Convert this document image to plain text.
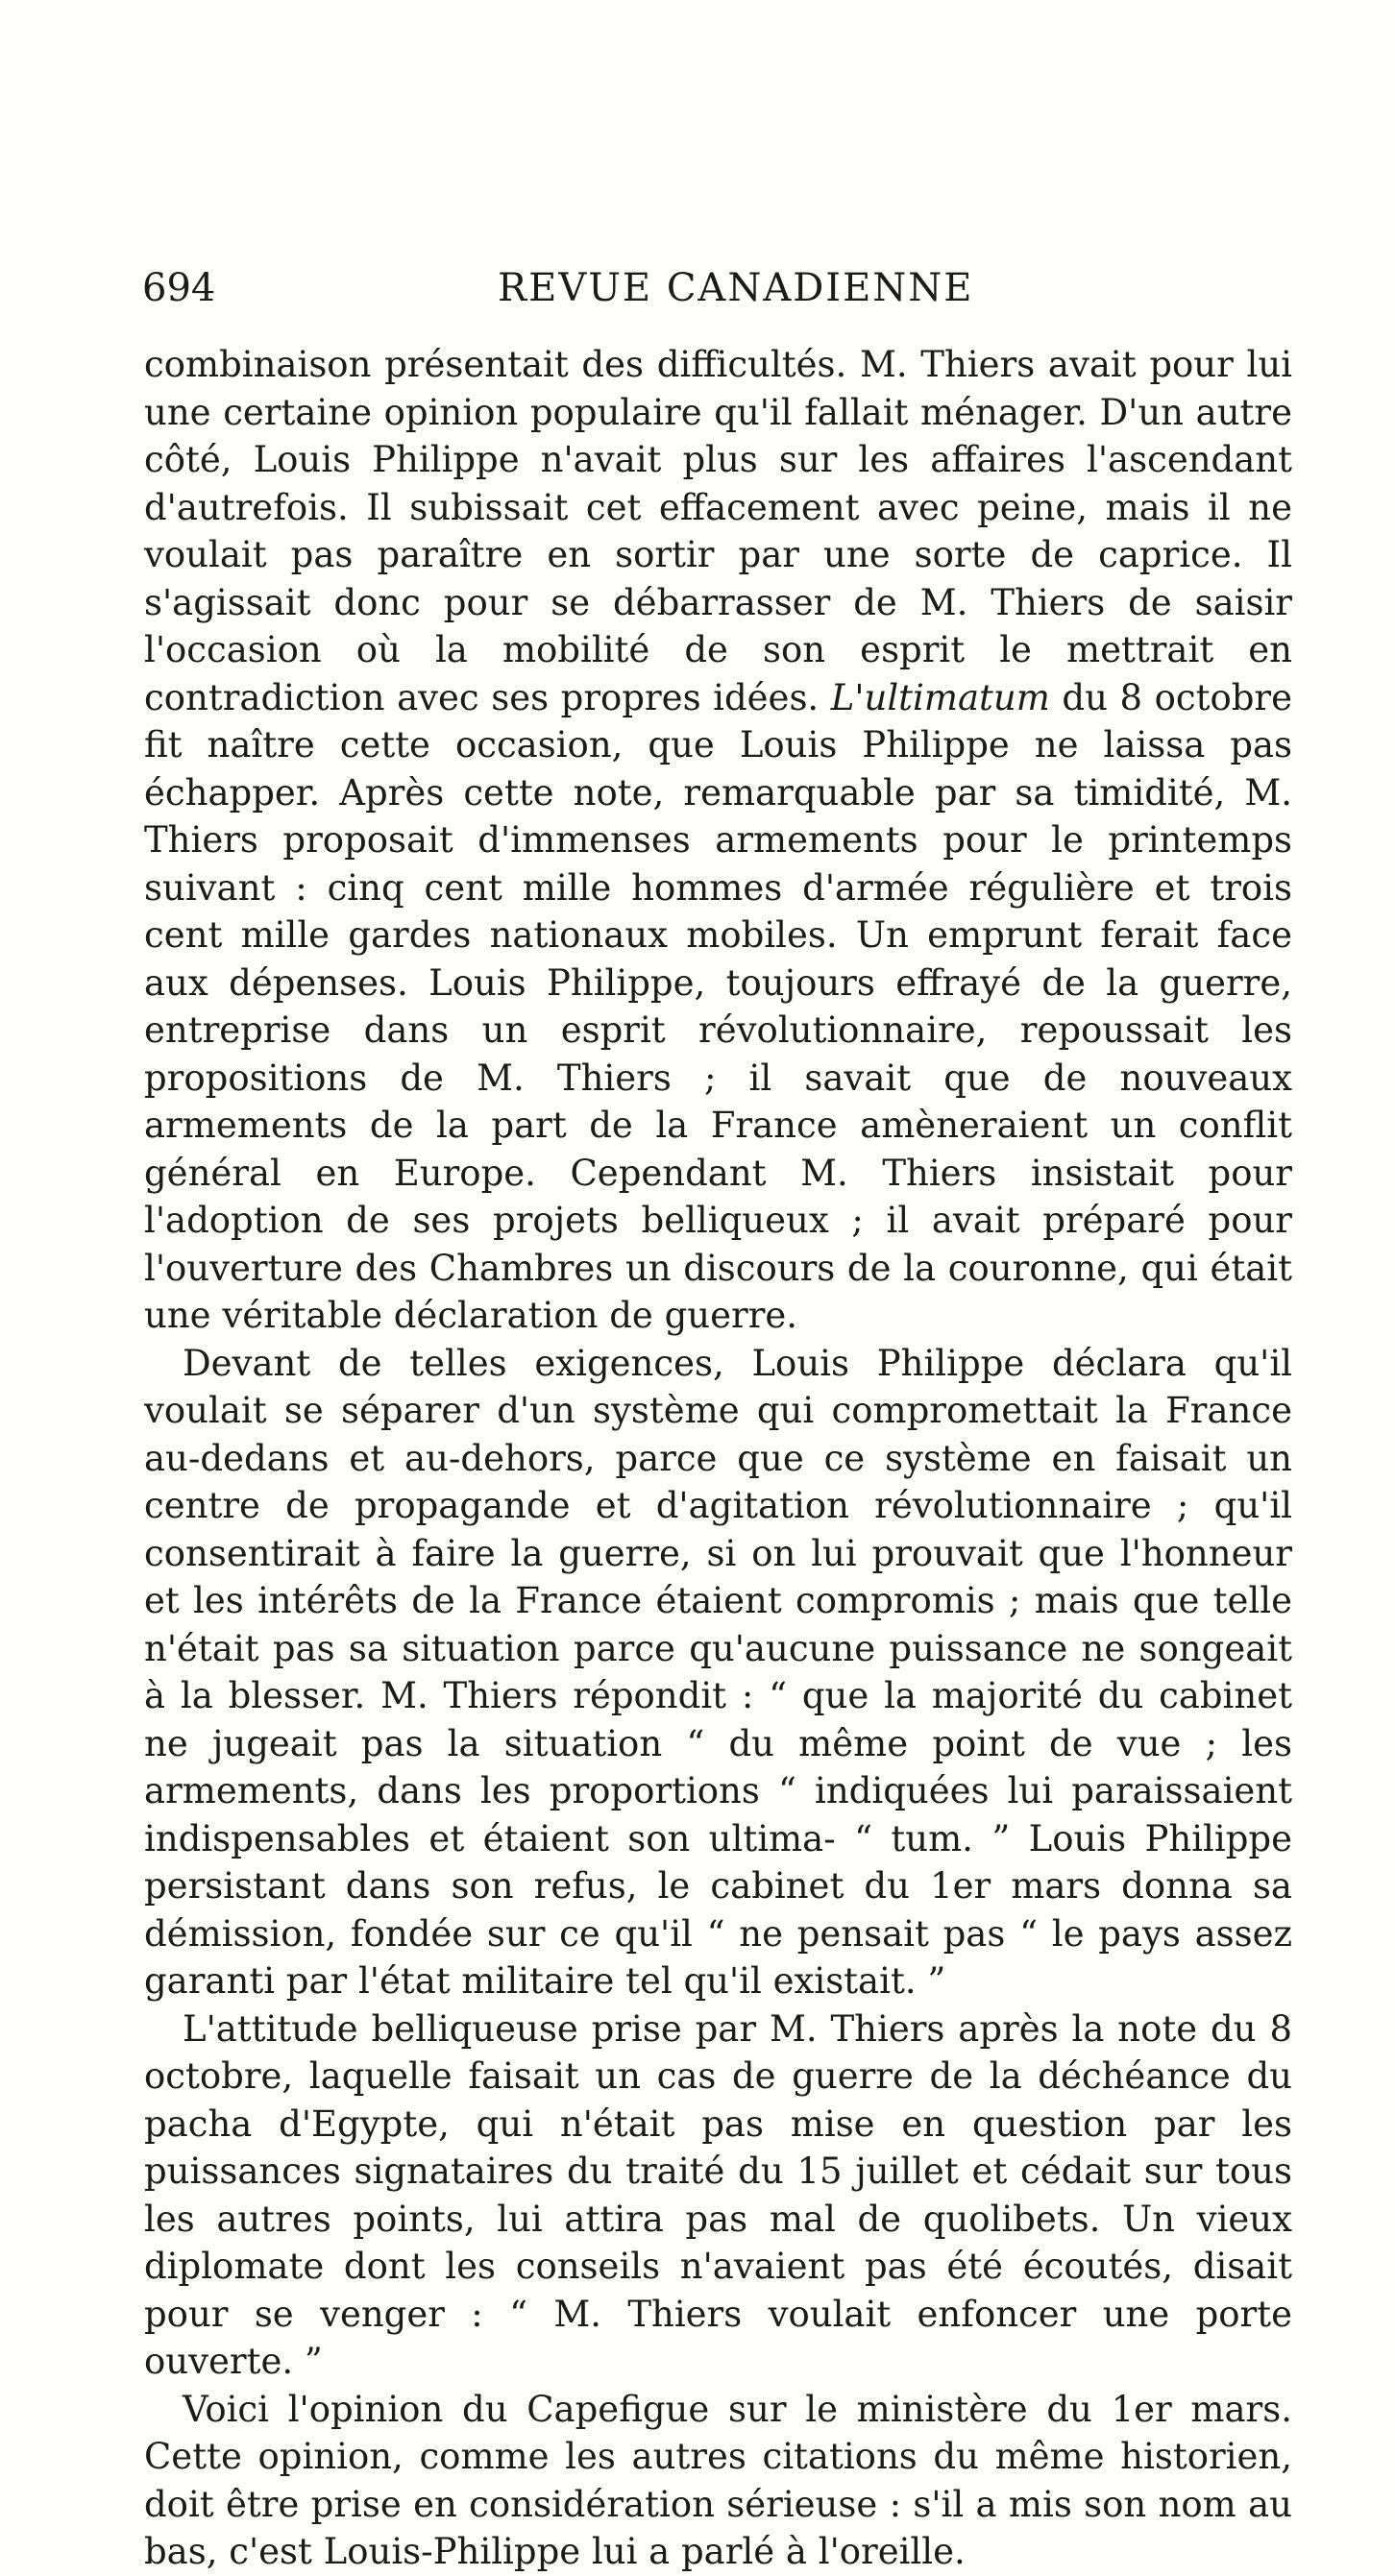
694	REVUE CANADIENNE

combinaison présentait des difficultés. M. Thiers avait pour lui une certaine opinion populaire qu'il fallait ménager. D'un autre côté, Louis Philippe n'avait plus sur les affaires l'ascendant d'autrefois. Il subissait cet effacement avec peine, mais il ne voulait pas paraître en sortir par une sorte de caprice. Il s'agissait donc pour se débarrasser de M. Thiers de saisir l'occasion où la mobilité de son esprit le mettrait en contradiction avec ses propres idées. L'ultimatum du 8 octobre fit naître cette occasion, que Louis Philippe ne laissa pas échapper. Après cette note, remarquable par sa timidité, M. Thiers proposait d'immenses armements pour le printemps suivant : cinq cent mille hommes d'armée régulière et trois cent mille gardes nationaux mobiles. Un emprunt ferait face aux dépenses. Louis Philippe, toujours effrayé de la guerre, entreprise dans un esprit révolutionnaire, repoussait les propositions de M. Thiers ; il savait que de nouveaux armements de la part de la France amèneraient un conflit général en Europe. Cependant M. Thiers insistait pour l'adoption de ses projets belliqueux ; il avait préparé pour l'ouverture des Chambres un discours de la couronne, qui était une véritable déclaration de guerre.

Devant de telles exigences, Louis Philippe déclara qu'il voulait se séparer d'un système qui compromettait la France au-dedans et au-dehors, parce que ce système en faisait un centre de propagande et d'agitation révolutionnaire ; qu'il consentirait à faire la guerre, si on lui prouvait que l'honneur et les intérêts de la France étaient compromis ; mais que telle n'était pas sa situation parce qu'aucune puissance ne songeait à la blesser. M. Thiers répondit : “ que la majorité du cabinet ne jugeait pas la situation “ du même point de vue ; les armements, dans les proportions “ indiquées lui paraissaient indispensables et étaient son ultima- “ tum. ” Louis Philippe persistant dans son refus, le cabinet du 1er mars donna sa démission, fondée sur ce qu'il “ ne pensait pas “ le pays assez garanti par l'état militaire tel qu'il existait. ”

L'attitude belliqueuse prise par M. Thiers après la note du 8 octobre, laquelle faisait un cas de guerre de la déchéance du pacha d'Egypte, qui n'était pas mise en question par les puissances signataires du traité du 15 juillet et cédait sur tous les autres points, lui attira pas mal de quolibets. Un vieux diplomate dont les conseils n'avaient pas été écoutés, disait pour se venger : “ M. Thiers voulait enfoncer une porte ouverte. ”

Voici l'opinion du Capefigue sur le ministère du 1er mars. Cette opinion, comme les autres citations du même historien, doit être prise en considération sérieuse : s'il a mis son nom au bas, c'est Louis-Philippe lui a parlé à l'oreille.
